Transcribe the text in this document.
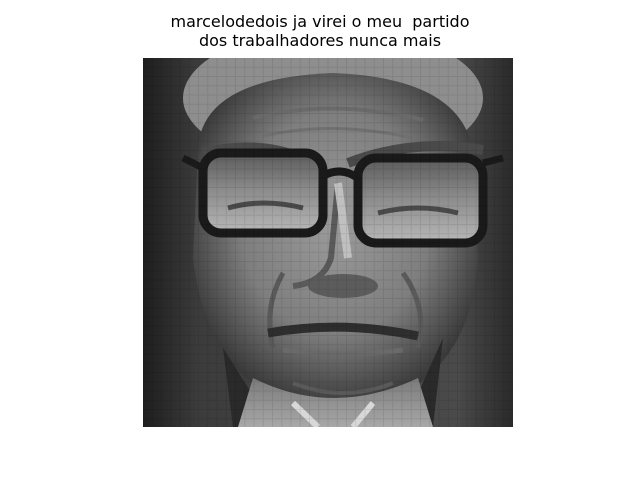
marcelodedois ja virei o meu  partido
dos trabalhadores nunca mais
